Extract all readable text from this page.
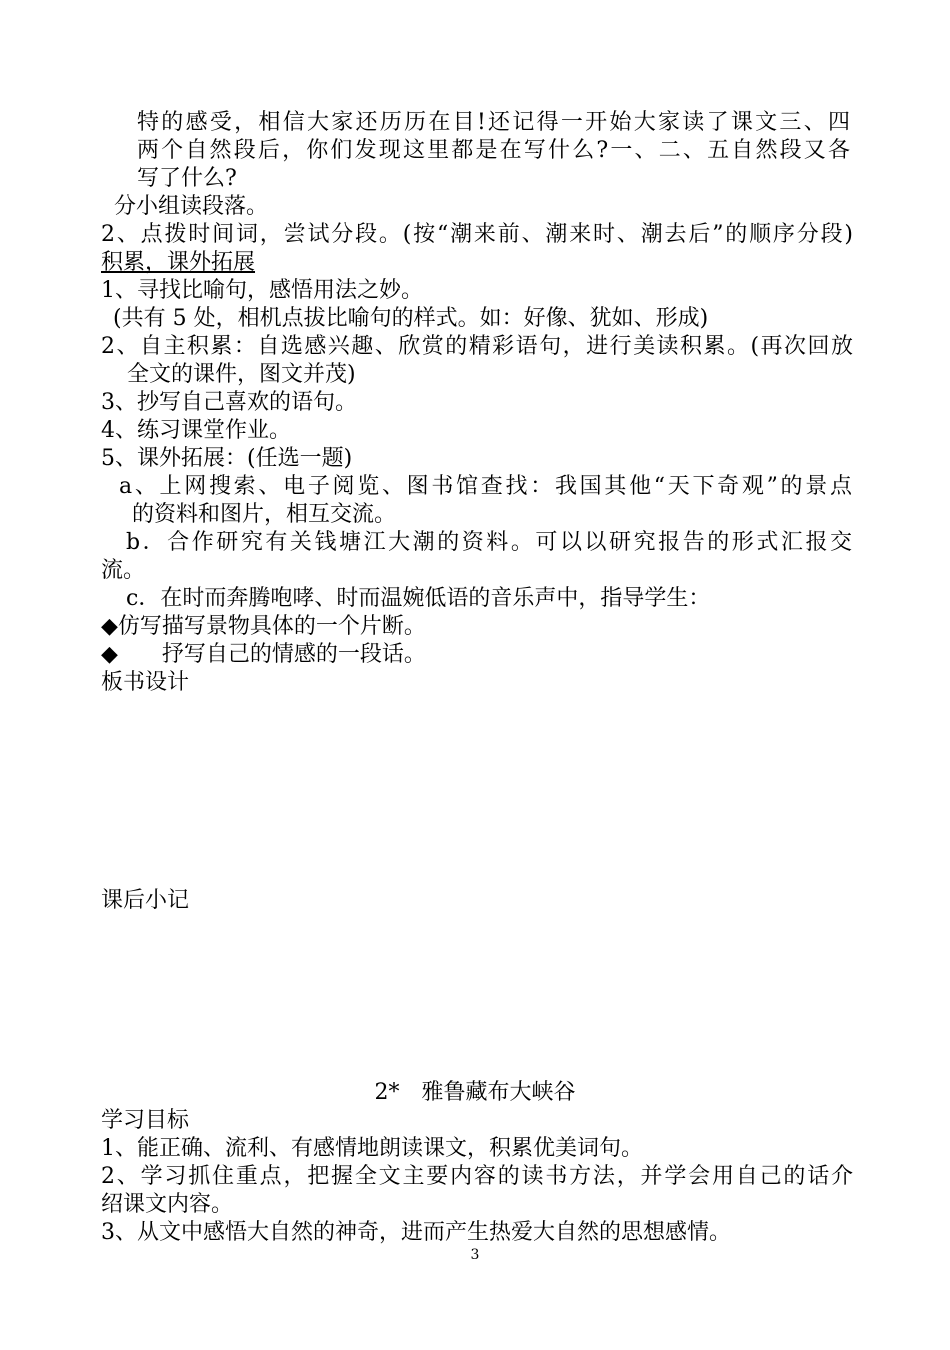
特的感受，相信大家还历历在目!还记得一开始大家读了课文三、四
两个自然段后，你们发现这里都是在写什么?一、二、五自然段又各
写了什么?
分小组读段落。
2、点拨时间词，尝试分段。(按“潮来前、潮来时、潮去后”的顺序分段)
积累，课外拓展
1、寻找比喻句，感悟用法之妙。
(共有 5 处，相机点拔比喻句的样式。如：好像、犹如、形成)
2、自主积累：自选感兴趣、欣赏的精彩语句，进行美读积累。(再次回放
全文的课件，图文并茂)
3、抄写自己喜欢的语句。
4、练习课堂作业。
5、课外拓展：(任选一题)
a、上网搜索、电子阅览、图书馆查找：我国其他“天下奇观”的景点
的资料和图片，相互交流。
b．合作研究有关钱塘江大潮的资料。可以以研究报告的形式汇报交
流。
c．在时而奔腾咆哮、时而温婉低语的音乐声中，指导学生：
◆仿写描写景物具体的一个片断。
◆　　抒写自己的情感的一段话。
板书设计
课后小记
2*　雅鲁藏布大峡谷
学习目标
1、能正确、流利、有感情地朗读课文，积累优美词句。
2、学习抓住重点，把握全文主要内容的读书方法，并学会用自己的话介
绍课文内容。
3、从文中感悟大自然的神奇，进而产生热爱大自然的思想感情。
3
